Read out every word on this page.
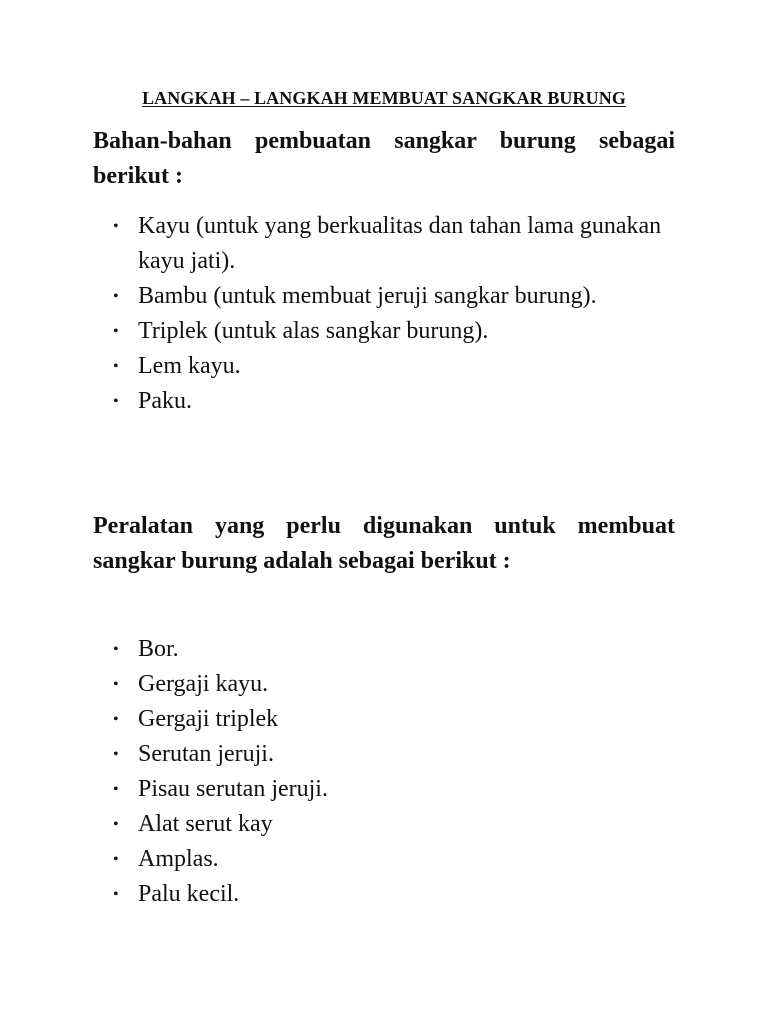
LANGKAH – LANGKAH MEMBUAT SANGKAR BURUNG
Bahan-bahan pembuatan sangkar burung sebagai berikut :
• Kayu (untuk yang berkualitas dan tahan lama gunakan kayu jati).
• Bambu (untuk membuat jeruji sangkar burung).
• Triplek (untuk alas sangkar burung).
• Lem kayu.
• Paku.
Peralatan yang perlu digunakan untuk membuat sangkar burung adalah sebagai berikut :
• Bor.
• Gergaji kayu.
• Gergaji triplek
• Serutan jeruji.
• Pisau serutan jeruji.
• Alat serut kay
• Amplas.
• Palu kecil.
